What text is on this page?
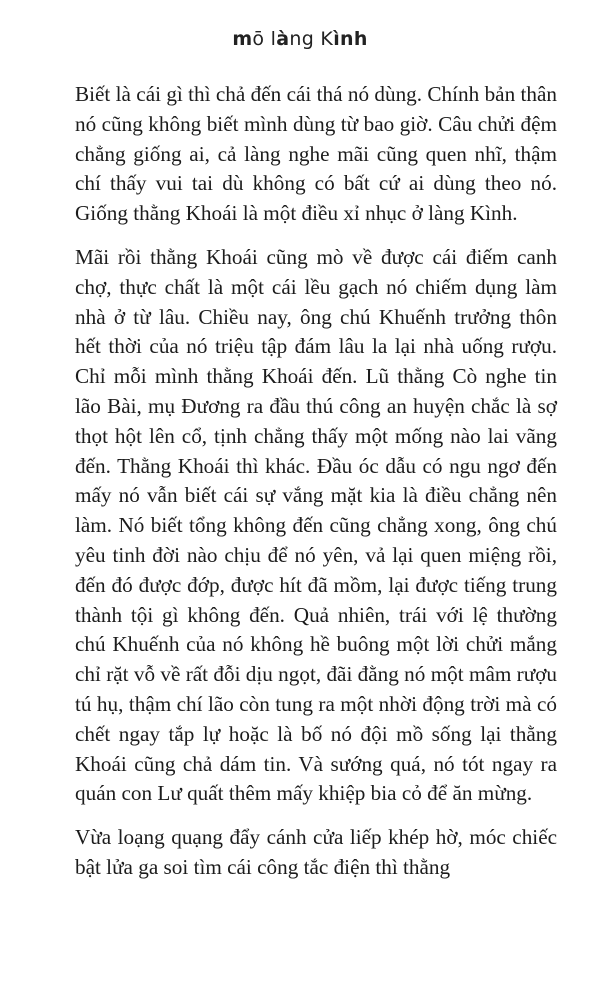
mō làng Kình

Biết là cái gì thì chả đến cái thá nó dùng. Chính bản thân nó cũng không biết mình dùng từ bao giờ. Câu chửi đệm chẳng giống ai, cả làng nghe mãi cũng quen nhĩ, thậm chí thấy vui tai dù không có bất cứ ai dùng theo nó. Giống thằng Khoái là một điều xỉ nhục ở làng Kình.

Mãi rồi thằng Khoái cũng mò về được cái điếm canh chợ, thực chất là một cái lều gạch nó chiếm dụng làm nhà ở từ lâu. Chiều nay, ông chú Khuếnh trưởng thôn hết thời của nó triệu tập đám lâu la lại nhà uống rượu. Chỉ mỗi mình thằng Khoái đến. Lũ thằng Cò nghe tin lão Bài, mụ Đương ra đầu thú công an huyện chắc là sợ thọt hột lên cổ, tịnh chẳng thấy một mống nào lai vãng đến. Thằng Khoái thì khác. Đầu óc dẫu có ngu ngơ đến mấy nó vẫn biết cái sự vắng mặt kia là điều chẳng nên làm. Nó biết tổng không đến cũng chẳng xong, ông chú yêu tinh đời nào chịu để nó yên, vả lại quen miệng rồi, đến đó được đớp, được hít đã mồm, lại được tiếng trung thành tội gì không đến. Quả nhiên, trái với lệ thường chú Khuếnh của nó không hề buông một lời chửi mắng chỉ rặt vỗ về rất đỗi dịu ngọt, đãi đằng nó một mâm rượu tú hụ, thậm chí lão còn tung ra một nhời động trời mà có chết ngay tắp lự hoặc là bố nó đội mồ sống lại thằng Khoái cũng chả dám tin. Và sướng quá, nó tót ngay ra quán con Lư quất thêm mấy khiệp bia cỏ để ăn mừng.

Vừa loạng quạng đẩy cánh cửa liếp khép hờ, móc chiếc bật lửa ga soi tìm cái công tắc điện thì thằng
